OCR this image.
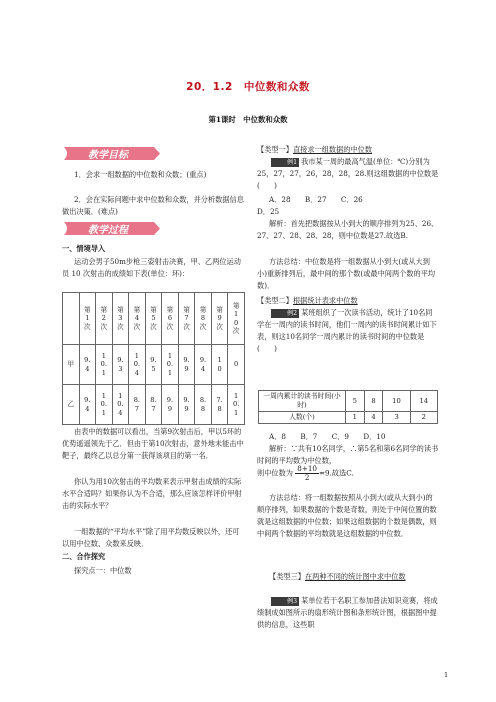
20．1.2　中位数和众数
第1课时　中位数和众数
教学目标
1．会求一组数据的中位数和众数；(重点)
2．会在实际问题中求中位数和众数，并分析数据信息做出决策．(难点)
教学过程
一、情境导入
运动会男子50m步枪三姿射击决赛，甲、乙两位运动员 10 次射击的成绩如下表(单位：环)：
	第1次	第2次	第3次	第4次	第5次	第6次	第7次	第8次	第9次	第10次
甲	9.4	10.1	9.3	10.4	9.5	10.1	9.9	9.4	10	0
乙	9.4	10.1	10.4	8.7	8.7	9.9	9.9	8.8	7.8	10.1
由表中的数据可以看出，当第9次射击后，甲以5环的优势遥遥领先于乙．但由于第10次射击，意外地未能击中靶子，最终乙以总分第一获得该项目的第一名．
你认为用10次射击的平均数来表示甲射击成绩的实际水平合适吗？如果你认为不合适，那么应该怎样评价甲射击的实际水平？
一组数据的“平均水平”除了用平均数反映以外，还可以用中位数、众数来反映．
二、合作探究
探究点一：中位数
【类型一】直接求一组数据的中位数
例1 我市某一周的最高气温(单位：℃)分别为25，27，27，26，28，28，28.则这组数据的中位数是(　　)
A．28　　B．27　　C．26
D．25
解析：首先把数据按从小到大的顺序排列为25、26、27、27、28、28、28，则中位数是27.故选B.
方法总结：中位数是将一组数据从小到大(或从大到小)重新排列后，最中间的那个数(或最中间两个数的平均数)．
【类型二】根据统计表求中位数
例2 某班组织了一次读书活动，统计了10名同学在一周内的读书时间，他们一周内的读书时间累计如下表，则这10名同学一周内累计的读书时间的中位数是(　　)
一周内累计的读书时间(小时)	5	8	10	14
人数(个)	1	4	3	2
A．8　　B．7　　C．9　　D．10
解析：∵共有10名同学，∴第5名和第6名同学的读书时间的平均数为中位数，
则中位数为 $\frac{8+10}{2} =9$.故选C.
方法总结：将一组数据按照从小到大(或从大到小)的顺序排列，如果数据的个数是奇数，则处于中间位置的数就是这组数据的中位数；如果这组数据的个数是偶数，则中间两个数据的平均数就是这组数据的中位数．
【类型三】在两种不同的统计图中求中位数
例3 某单位若干名职工参加普法知识竞赛，将成绩制成如图所示的扇形统计图和条形统计图，根据图中提供的信息，这些职
1
